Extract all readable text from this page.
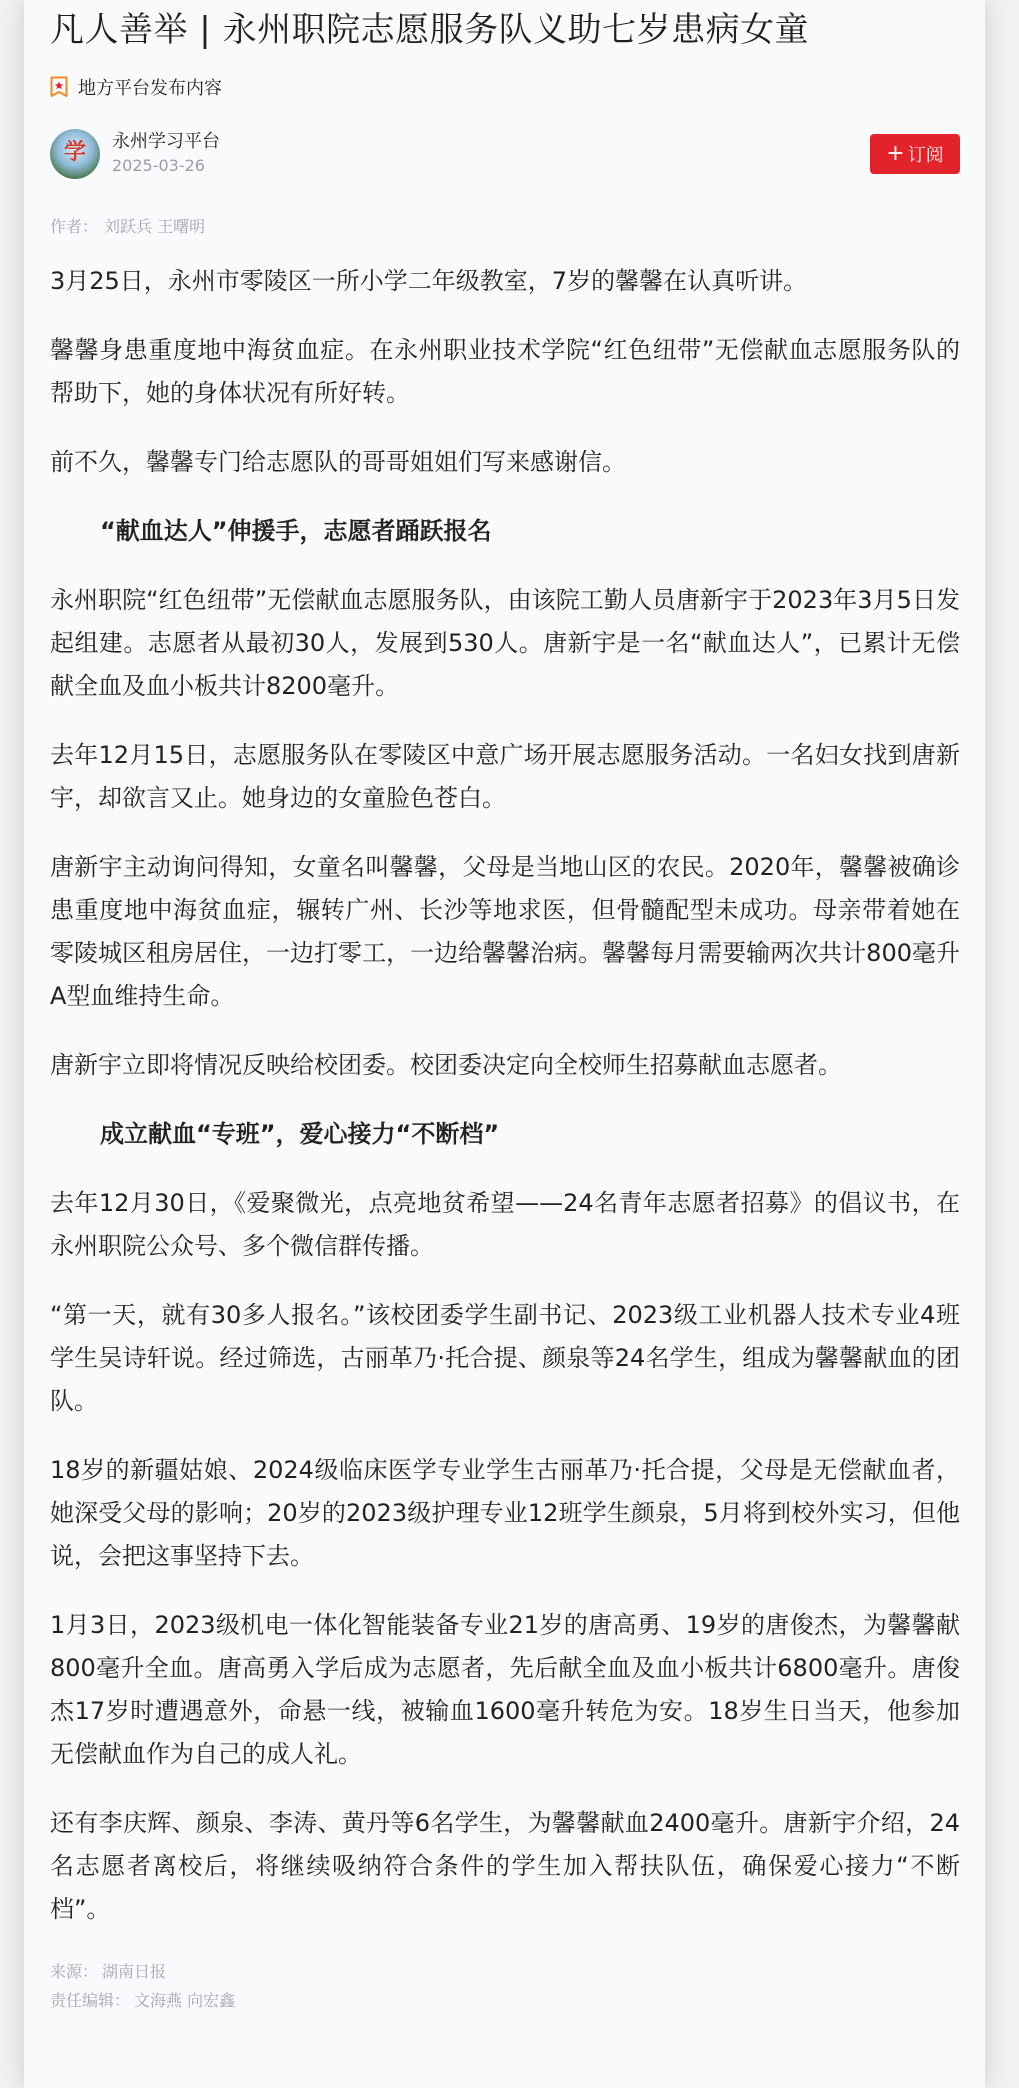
凡人善举 | 永州职院志愿服务队义助七岁患病女童
地方平台发布内容
学 永州学习平台
2025-03-26	+ 订阅
作者： 刘跃兵 王曙明

3月25日，永州市零陵区一所小学二年级教室，7岁的馨馨在认真听讲。

馨馨身患重度地中海贫血症。在永州职业技术学院“红色纽带”无偿献血志愿服务队的帮助下，她的身体状况有所好转。

前不久，馨馨专门给志愿队的哥哥姐姐们写来感谢信。

“献血达人”伸援手，志愿者踊跃报名

永州职院“红色纽带”无偿献血志愿服务队，由该院工勤人员唐新宇于2023年3月5日发起组建。志愿者从最初30人，发展到530人。唐新宇是一名“献血达人”，已累计无偿献全血及血小板共计8200毫升。

去年12月15日，志愿服务队在零陵区中意广场开展志愿服务活动。一名妇女找到唐新宇，却欲言又止。她身边的女童脸色苍白。

唐新宇主动询问得知，女童名叫馨馨，父母是当地山区的农民。2020年，馨馨被确诊患重度地中海贫血症，辗转广州、长沙等地求医，但骨髓配型未成功。母亲带着她在零陵城区租房居住，一边打零工，一边给馨馨治病。馨馨每月需要输两次共计800毫升A型血维持生命。

唐新宇立即将情况反映给校团委。校团委决定向全校师生招募献血志愿者。

成立献血“专班”，爱心接力“不断档”

去年12月30日，《爱聚微光，点亮地贫希望——24名青年志愿者招募》的倡议书，在永州职院公众号、多个微信群传播。

“第一天，就有30多人报名。”该校团委学生副书记、2023级工业机器人技术专业4班学生吴诗轩说。经过筛选，古丽革乃·托合提、颜泉等24名学生，组成为馨馨献血的团队。

18岁的新疆姑娘、2024级临床医学专业学生古丽革乃·托合提，父母是无偿献血者，她深受父母的影响；20岁的2023级护理专业12班学生颜泉，5月将到校外实习，但他说，会把这事坚持下去。

1月3日，2023级机电一体化智能装备专业21岁的唐高勇、19岁的唐俊杰，为馨馨献800毫升全血。唐高勇入学后成为志愿者，先后献全血及血小板共计6800毫升。唐俊杰17岁时遭遇意外，命悬一线，被输血1600毫升转危为安。18岁生日当天，他参加无偿献血作为自己的成人礼。

还有李庆辉、颜泉、李涛、黄丹等6名学生，为馨馨献血2400毫升。唐新宇介绍，24名志愿者离校后，将继续吸纳符合条件的学生加入帮扶队伍，确保爱心接力“不断档”。

来源： 湖南日报
责任编辑： 文海燕 向宏鑫
